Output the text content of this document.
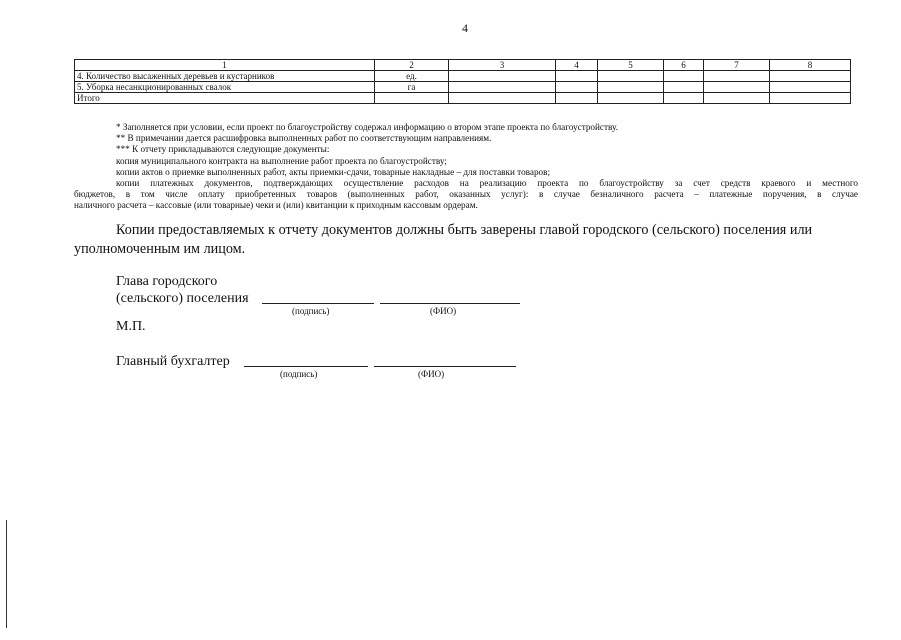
4
1	2	3	4	5	6	7	8
4. Количество высаженных деревьев и кустарников	ед.						
5. Уборка несанкционированных свалок	га						
Итого							

* Заполняется при условии, если проект по благоустройству содержал информацию о втором этапе проекта по благоустройству.

** В примечании дается расшифровка выполненных работ по соответствующим направлениям.

*** К отчету прикладываются следующие документы:

копия муниципального контракта на выполнение работ проекта по благоустройству;

копии актов о приемке выполненных работ, акты приемки-сдачи, товарные накладные – для поставки товаров;

копии платежных документов, подтверждающих осуществление расходов на реализацию проекта по благоустройству за счет средств краевого и местного
бюджетов, в том числе оплату приобретенных товаров (выполненных работ, оказанных услуг): в случае безналичного расчета – платежные поручения, в случае
наличного расчета – кассовые (или товарные) чеки и (или) квитанции к приходным кассовым ордерам.

Копии предоставляемых к отчету документов должны быть заверены главой городского (сельского) поселения или уполномоченным им лицом.

Глава городского
(сельского) поселения
(подпись)	(ФИО)
М.П.
Главный бухгалтер
(подпись)	(ФИО)
